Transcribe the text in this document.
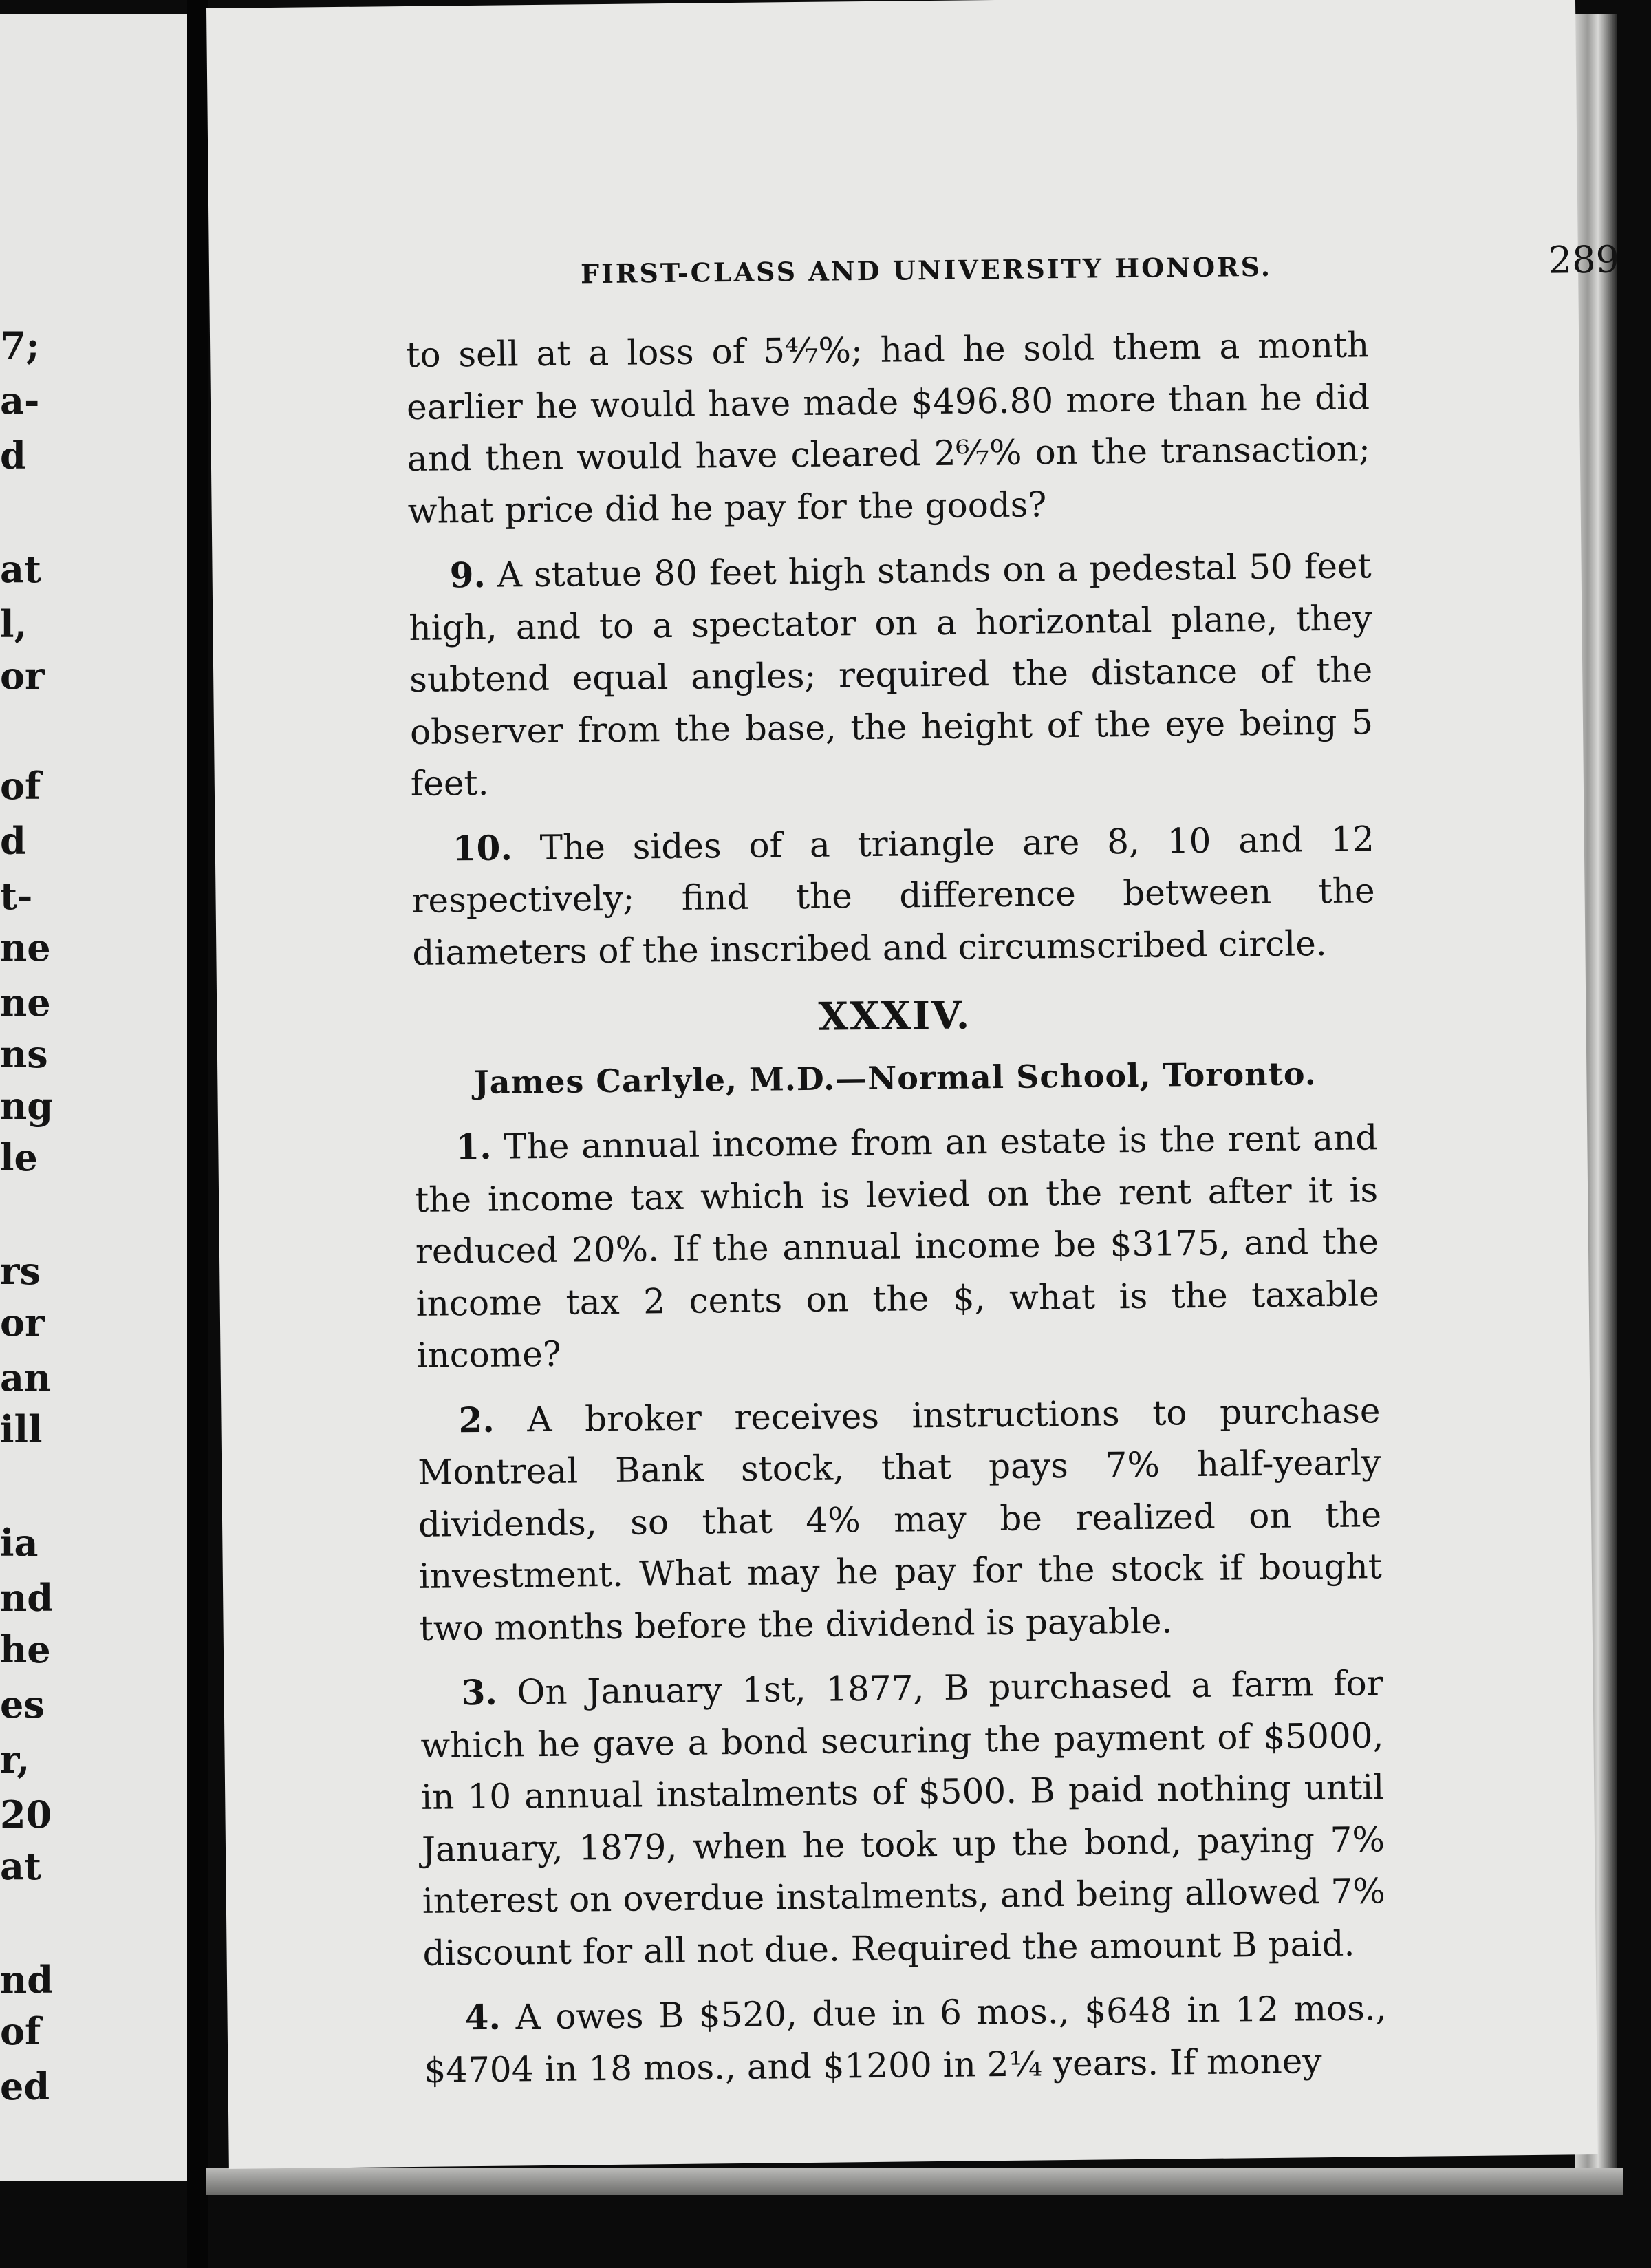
7;
a-
d
at
l,
or
of
d
t-
ne
ne
ns
ng
le
rs
or
an
ill
ia
nd
he
es
r,
20
at
nd
of
ed
FIRST-CLASS AND UNIVERSITY HONORS.	289

to sell at a loss of 5⁴⁄₇%; had he sold them a month earlier he would have made $496.80 more than he did and then would have cleared 2⁶⁄₇% on the transaction; what price did he pay for the goods?

9. A statue 80 feet high stands on a pedestal 50 feet high, and to a spectator on a horizontal plane, they subtend equal angles; required the distance of the observer from the base, the height of the eye being 5 feet.

10. The sides of a triangle are 8, 10 and 12 respectively; find the difference between the diameters of the inscribed and circumscribed circle.

XXXIV.
James Carlyle, M.D.—Normal School, Toronto.

1. The annual income from an estate is the rent and the income tax which is levied on the rent after it is reduced 20%. If the annual income be $3175, and the income tax 2 cents on the $, what is the taxable income?

2. A broker receives instructions to purchase Montreal Bank stock, that pays 7% half-yearly dividends, so that 4% may be realized on the investment. What may he pay for the stock if bought two months before the dividend is payable.

3. On January 1st, 1877, B purchased a farm for which he gave a bond securing the payment of $5000, in 10 annual instalments of $500. B paid nothing until January, 1879, when he took up the bond, paying 7% interest on overdue instalments, and being allowed 7% discount for all not due. Required the amount B paid.

4. A owes B $520, due in 6 mos., $648 in 12 mos., $4704 in 18 mos., and $1200 in 2¼ years. If money
